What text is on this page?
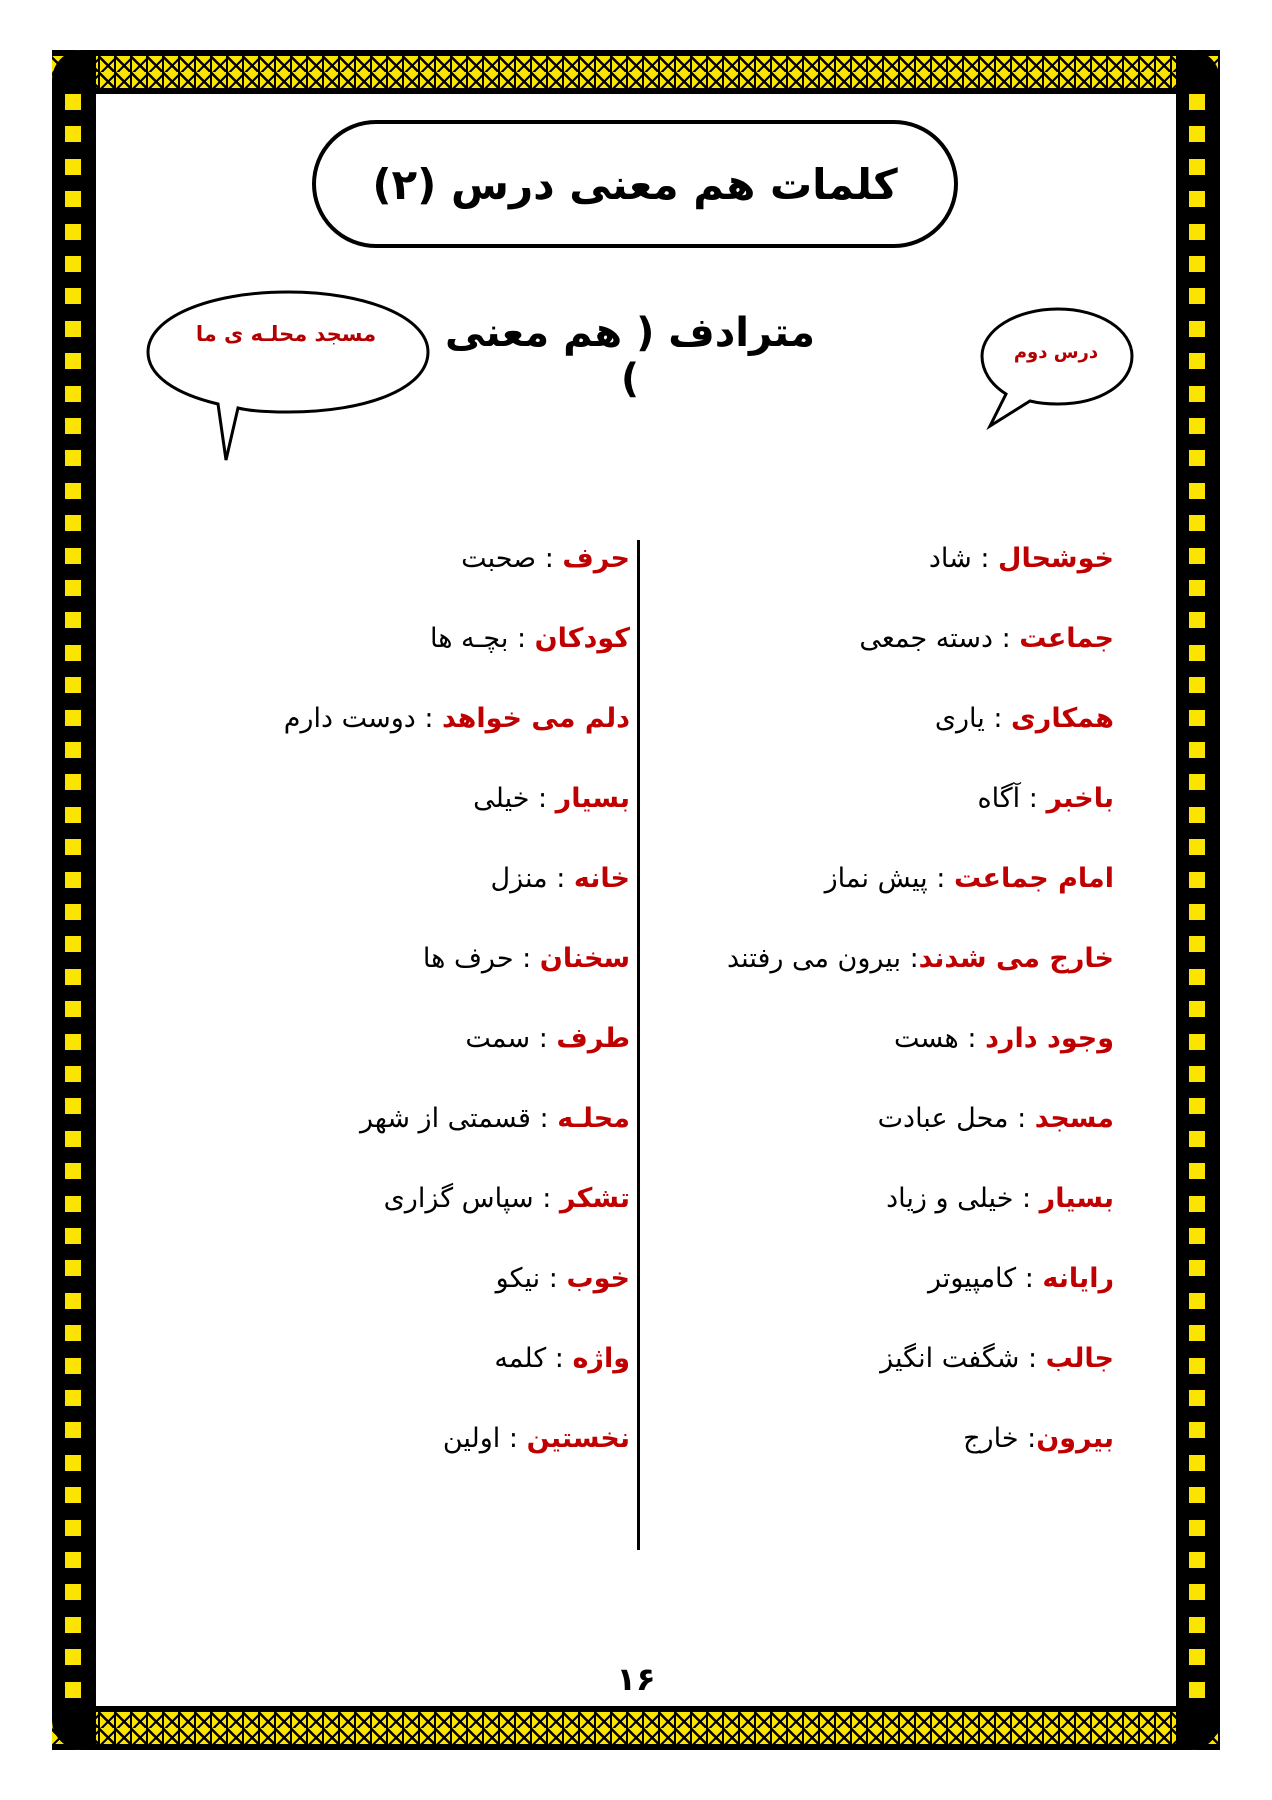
کلمات هم معنی درس (۲)
مترادف ( هم معنی )
مسجد محلـه ی ما
درس دوم
خوشحال : شاد
جماعت : دسته جمعی
همکاری : یاری
باخبر : آگاه
امام جماعت : پیش نماز
خارج می شدند: بیرون می رفتند
وجود دارد : هست
مسجد : محل عبادت
بسیار : خیلی و زیاد
رایانه : کامپیوتر
جالب : شگفت انگیز
بیرون: خارج
حرف : صحبت
کودکان : بچـه ها
دلم می خواهد : دوست دارم
بسیار : خیلی
خانه : منزل
سخنان : حرف ها
طرف : سمت
محلـه : قسمتی از شهر
تشکر : سپاس گزاری
خوب : نیکو
واژه : کلمه
نخستین : اولین
۱۶
